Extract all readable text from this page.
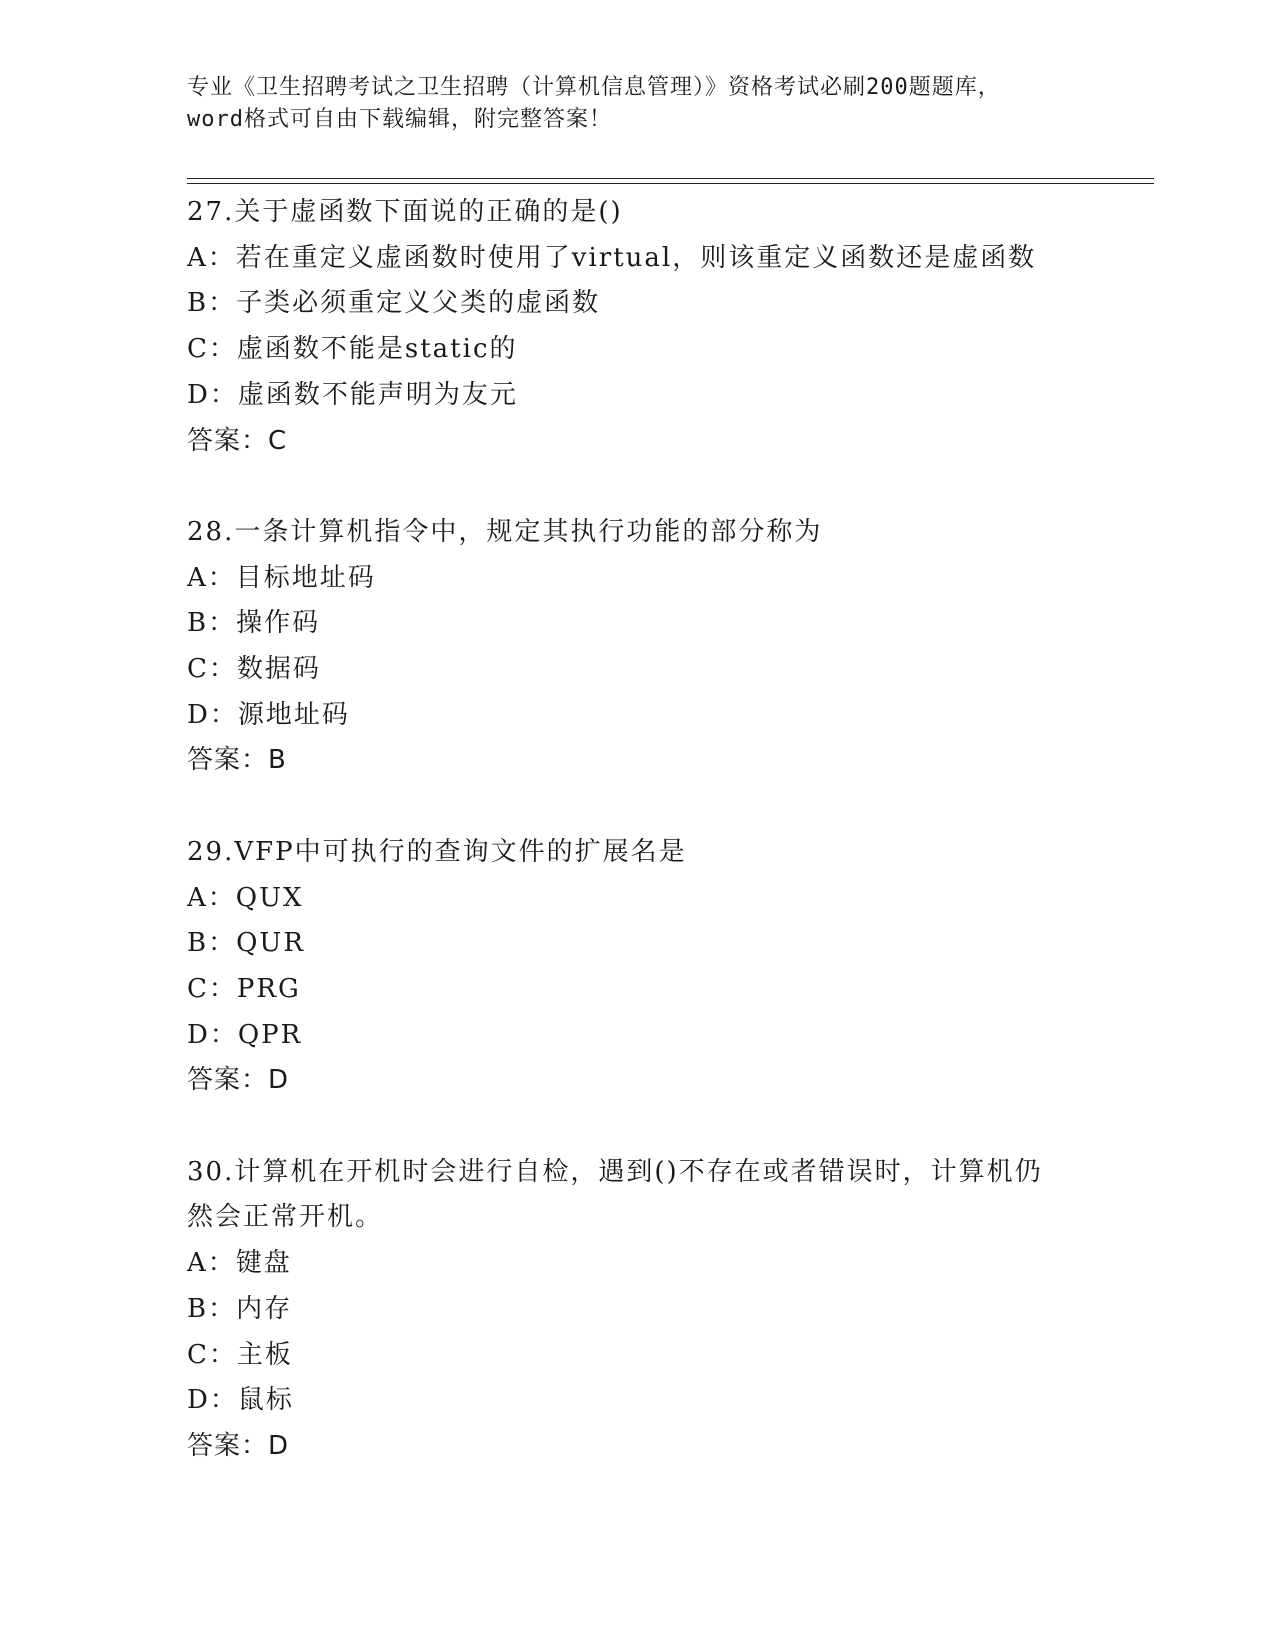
专业《卫生招聘考试之卫生招聘（计算机信息管理）》资格考试必刷200题题库，
word格式可自由下载编辑，附完整答案！
27.关于虚函数下面说的正确的是()
A：若在重定义虚函数时使用了virtual，则该重定义函数还是虚函数
B：子类必须重定义父类的虚函数
C：虚函数不能是static的
D：虚函数不能声明为友元
答案：C
28.一条计算机指令中，规定其执行功能的部分称为
A：目标地址码
B：操作码
C：数据码
D：源地址码
答案：B
29.VFP中可执行的查询文件的扩展名是
A：QUX
B：QUR
C：PRG
D：QPR
答案：D
30.计算机在开机时会进行自检，遇到()不存在或者错误时，计算机仍
然会正常开机。
A：键盘
B：内存
C：主板
D：鼠标
答案：D
